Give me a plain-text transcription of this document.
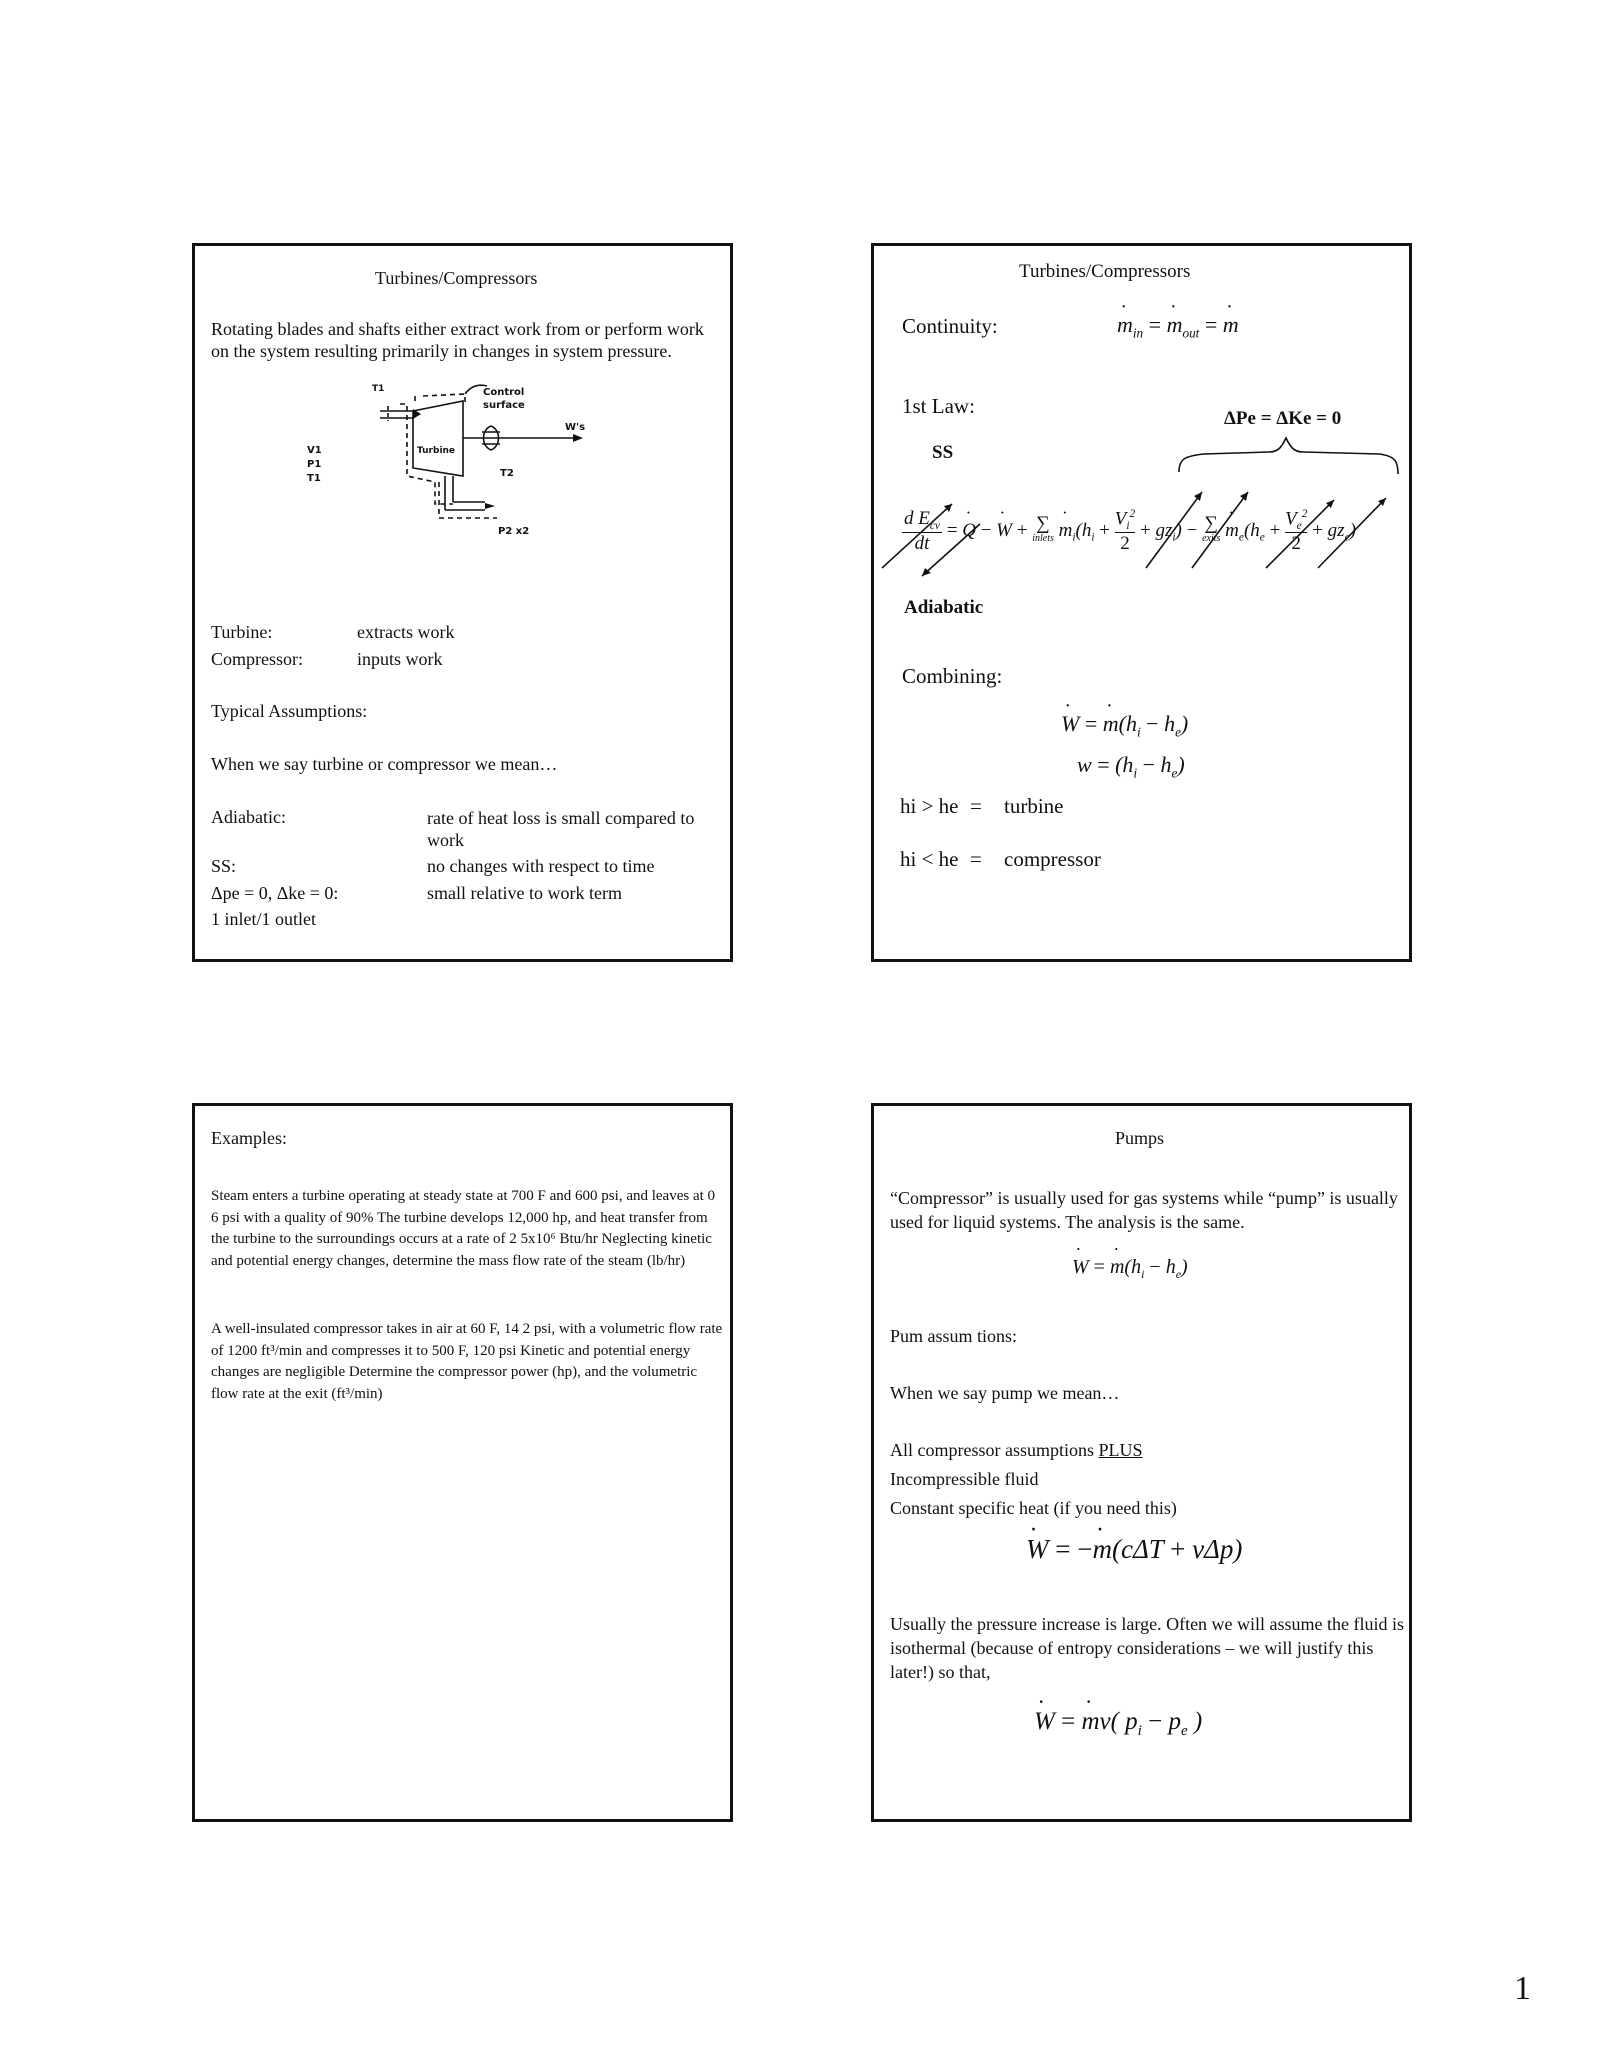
Turbines/Compressors
Rotating blades and shafts either extract work from or perform work on the system resulting primarily in changes in system pressure.
V1
P1
T1
T1	Control
surface
Turbine
W's
T2
P2 x2
Turbine:	extracts work
Compressor:	inputs work
Typical Assumptions:
When we say turbine or compressor we mean…
Adiabatic:	rate of heat loss is small compared to work
SS:	no changes with respect to time
Δpe = 0, Δke = 0:	small relative to work term
1 inlet/1 outlet
Turbines/Compressors
Continuity:	˙ $m_{in}$ = ˙ $m_{out}$ = ˙ m
1st Law:
ΔPe = ΔKe = 0
SS
d $E_{cv}$
dt
= ˙ Q − ˙ W + ∑
inlets ˙ $m_i(h_i + \frac{V_i^2}{2} + gz_i)$ − ∑
exits ˙ $m_e(h_e + \frac{V_e^2}{2} + gz_e)$
Adiabatic
Combining:
˙ W = ˙ $m(h_i - h_e)$
$w = (h_i - h_e)$
hi > he = turbine
hi < he = compressor
Examples:
Steam enters a turbine operating at steady state at 700 F and 600 psi, and leaves at 0 6 psi with a quality of 90% The turbine develops 12,000 hp, and heat transfer from the turbine to the surroundings occurs at a rate of 2 5x10⁶ Btu/hr Neglecting kinetic and potential energy changes, determine the mass flow rate of the steam (lb/hr)
A well-insulated compressor takes in air at 60 F, 14 2 psi, with a volumetric flow rate of 1200 ft³/min and compresses it to 500 F, 120 psi Kinetic and potential energy changes are negligible Determine the compressor power (hp), and the volumetric flow rate at the exit (ft³/min)
Pumps
“Compressor” is usually used for gas systems while “pump” is usually used for liquid systems. The analysis is the same.
˙ W = ˙ $m(h_i - h_e)$
Pum assum tions:
When we say pump we mean…
All compressor assumptions PLUS
Incompressible fluid
Constant specific heat (if you need this)
˙ W = −˙ m(cΔT + vΔp)
Usually the pressure increase is large. Often we will assume the fluid is isothermal (because of entropy considerations – we will justify this later!) so that,
˙ W = ˙ mv( $p_i - p_e$ )
1
